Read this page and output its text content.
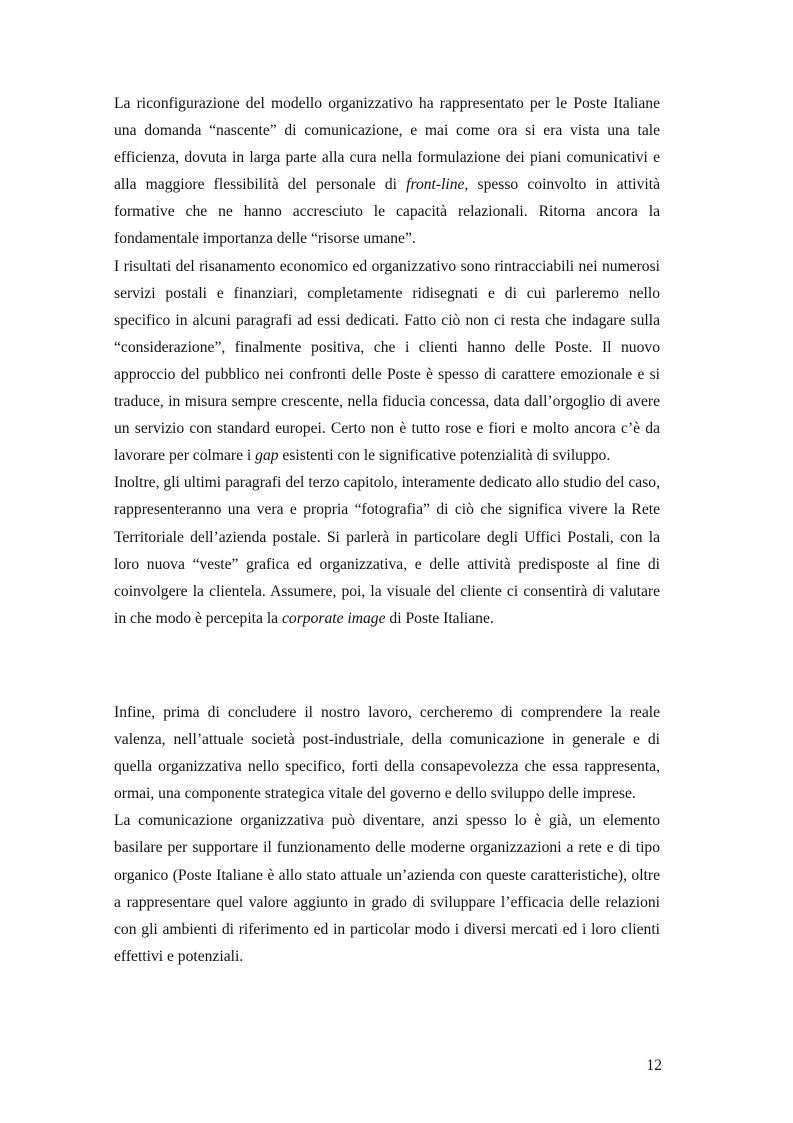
La riconfigurazione del modello organizzativo ha rappresentato per le Poste Italiane una domanda “nascente” di comunicazione, e mai come ora si era vista una tale efficienza, dovuta in larga parte alla cura nella formulazione dei piani comunicativi e alla maggiore flessibilità del personale di front-line, spesso coinvolto in attività formative che ne hanno accresciuto le capacità relazionali. Ritorna ancora la fondamentale importanza delle “risorse umane”.

I risultati del risanamento economico ed organizzativo sono rintracciabili nei numerosi servizi postali e finanziari, completamente ridisegnati e di cui parleremo nello specifico in alcuni paragrafi ad essi dedicati. Fatto ciò non ci resta che indagare sulla “considerazione”, finalmente positiva, che i clienti hanno delle Poste. Il nuovo approccio del pubblico nei confronti delle Poste è spesso di carattere emozionale e si traduce, in misura sempre crescente, nella fiducia concessa, data dall’orgoglio di avere un servizio con standard europei. Certo non è tutto rose e fiori e molto ancora c’è da lavorare per colmare i gap esistenti con le significative potenzialità di sviluppo.

Inoltre, gli ultimi paragrafi del terzo capitolo, interamente dedicato allo studio del caso, rappresenteranno una vera e propria “fotografia” di ciò che significa vivere la Rete Territoriale dell’azienda postale. Si parlerà in particolare degli Uffici Postali, con la loro nuova “veste” grafica ed organizzativa, e delle attività predisposte al fine di coinvolgere la clientela. Assumere, poi, la visuale del cliente ci consentirà di valutare in che modo è percepita la corporate image di Poste Italiane.

Infine, prima di concludere il nostro lavoro, cercheremo di comprendere la reale valenza, nell’attuale società post-industriale, della comunicazione in generale e di quella organizzativa nello specifico, forti della consapevolezza che essa rappresenta, ormai, una componente strategica vitale del governo e dello sviluppo delle imprese.

La comunicazione organizzativa può diventare, anzi spesso lo è già, un elemento basilare per supportare il funzionamento delle moderne organizzazioni a rete e di tipo organico (Poste Italiane è allo stato attuale un’azienda con queste caratteristiche), oltre a rappresentare quel valore aggiunto in grado di sviluppare l’efficacia delle relazioni con gli ambienti di riferimento ed in particolar modo i diversi mercati ed i loro clienti effettivi e potenziali.

12
